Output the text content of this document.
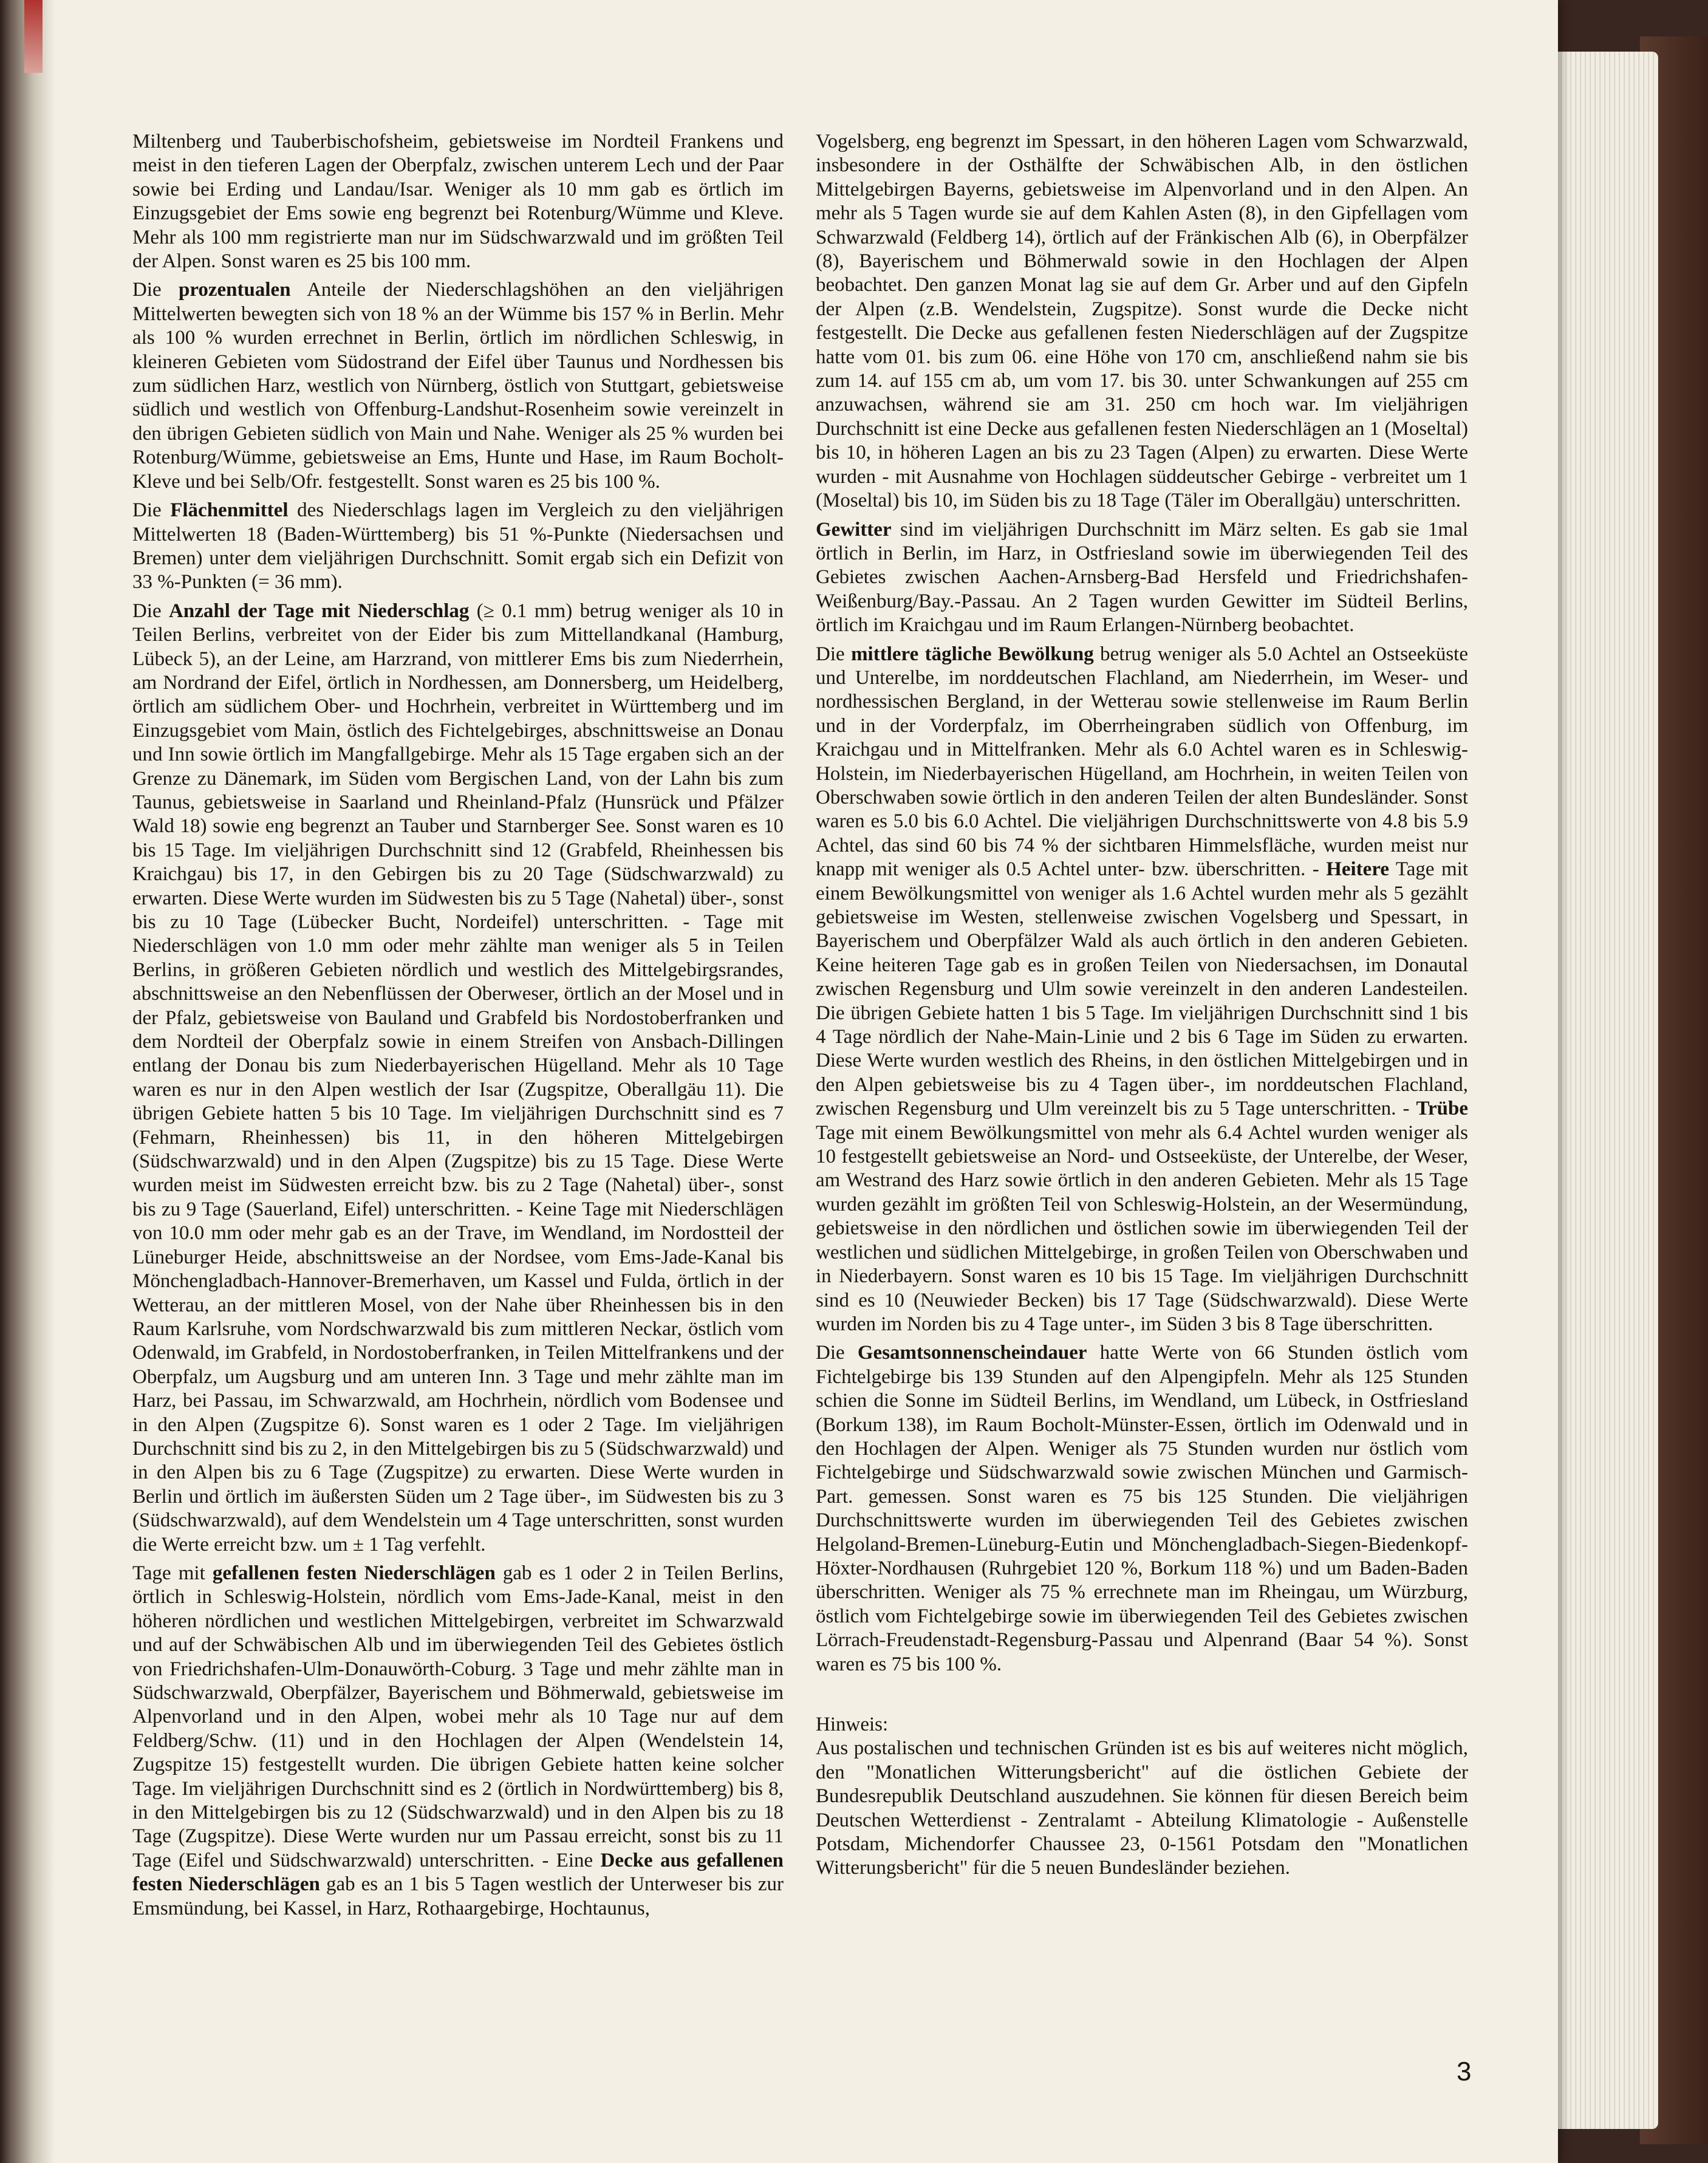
Miltenberg und Tauberbischofsheim, gebietsweise im Nordteil Frankens und meist in den tieferen Lagen der Oberpfalz, zwischen unterem Lech und der Paar sowie bei Erding und Landau/Isar. Weniger als 10 mm gab es örtlich im Einzugsgebiet der Ems sowie eng begrenzt bei Rotenburg/Wümme und Kleve. Mehr als 100 mm registrierte man nur im Südschwarzwald und im größten Teil der Alpen. Sonst waren es 25 bis 100 mm.

Die prozentualen Anteile der Niederschlagshöhen an den vieljährigen Mittelwerten bewegten sich von 18 % an der Wümme bis 157 % in Berlin. Mehr als 100 % wurden errechnet in Berlin, örtlich im nördlichen Schleswig, in kleineren Gebieten vom Südostrand der Eifel über Taunus und Nordhessen bis zum südlichen Harz, westlich von Nürnberg, östlich von Stuttgart, gebietsweise südlich und westlich von Offenburg-Landshut-Rosenheim sowie vereinzelt in den übrigen Gebieten südlich von Main und Nahe. Weniger als 25 % wurden bei Rotenburg/Wümme, gebietsweise an Ems, Hunte und Hase, im Raum Bocholt-Kleve und bei Selb/Ofr. festgestellt. Sonst waren es 25 bis 100 %.

Die Flächenmittel des Niederschlags lagen im Vergleich zu den vieljährigen Mittelwerten 18 (Baden-Württemberg) bis 51 %-Punkte (Niedersachsen und Bremen) unter dem vieljährigen Durchschnitt. Somit ergab sich ein Defizit von 33 %-Punkten (= 36 mm).

Die Anzahl der Tage mit Niederschlag (≥ 0.1 mm) betrug weniger als 10 in Teilen Berlins, verbreitet von der Eider bis zum Mittellandkanal (Hamburg, Lübeck 5), an der Leine, am Harzrand, von mittlerer Ems bis zum Niederrhein, am Nordrand der Eifel, örtlich in Nordhessen, am Donnersberg, um Heidelberg, örtlich am südlichem Ober- und Hochrhein, verbreitet in Württemberg und im Einzugsgebiet vom Main, östlich des Fichtelgebirges, abschnittsweise an Donau und Inn sowie örtlich im Mangfallgebirge. Mehr als 15 Tage ergaben sich an der Grenze zu Dänemark, im Süden vom Bergischen Land, von der Lahn bis zum Taunus, gebietsweise in Saarland und Rheinland-Pfalz (Hunsrück und Pfälzer Wald 18) sowie eng begrenzt an Tauber und Starnberger See. Sonst waren es 10 bis 15 Tage. Im vieljährigen Durchschnitt sind 12 (Grabfeld, Rheinhessen bis Kraichgau) bis 17, in den Gebirgen bis zu 20 Tage (Südschwarzwald) zu erwarten. Diese Werte wurden im Südwesten bis zu 5 Tage (Nahetal) über-, sonst bis zu 10 Tage (Lübecker Bucht, Nordeifel) unterschritten. - Tage mit Niederschlägen von 1.0 mm oder mehr zählte man weniger als 5 in Teilen Berlins, in größeren Gebieten nördlich und westlich des Mittelgebirgsrandes, abschnittsweise an den Nebenflüssen der Oberweser, örtlich an der Mosel und in der Pfalz, gebietsweise von Bauland und Grabfeld bis Nordostoberfranken und dem Nordteil der Oberpfalz sowie in einem Streifen von Ansbach-Dillingen entlang der Donau bis zum Niederbayerischen Hügelland. Mehr als 10 Tage waren es nur in den Alpen westlich der Isar (Zugspitze, Oberallgäu 11). Die übrigen Gebiete hatten 5 bis 10 Tage. Im vieljährigen Durchschnitt sind es 7 (Fehmarn, Rheinhessen) bis 11, in den höheren Mittelgebirgen (Südschwarzwald) und in den Alpen (Zugspitze) bis zu 15 Tage. Diese Werte wurden meist im Südwesten erreicht bzw. bis zu 2 Tage (Nahetal) über-, sonst bis zu 9 Tage (Sauerland, Eifel) unterschritten. - Keine Tage mit Niederschlägen von 10.0 mm oder mehr gab es an der Trave, im Wendland, im Nordostteil der Lüneburger Heide, abschnittsweise an der Nordsee, vom Ems-Jade-Kanal bis Mönchengladbach-Hannover-Bremerhaven, um Kassel und Fulda, örtlich in der Wetterau, an der mittleren Mosel, von der Nahe über Rheinhessen bis in den Raum Karlsruhe, vom Nordschwarzwald bis zum mittleren Neckar, östlich vom Odenwald, im Grabfeld, in Nordostoberfranken, in Teilen Mittelfrankens und der Oberpfalz, um Augsburg und am unteren Inn. 3 Tage und mehr zählte man im Harz, bei Passau, im Schwarzwald, am Hochrhein, nördlich vom Bodensee und in den Alpen (Zugspitze 6). Sonst waren es 1 oder 2 Tage. Im vieljährigen Durchschnitt sind bis zu 2, in den Mittelgebirgen bis zu 5 (Südschwarzwald) und in den Alpen bis zu 6 Tage (Zugspitze) zu erwarten. Diese Werte wurden in Berlin und örtlich im äußersten Süden um 2 Tage über-, im Südwesten bis zu 3 (Südschwarzwald), auf dem Wendelstein um 4 Tage unterschritten, sonst wurden die Werte erreicht bzw. um ± 1 Tag verfehlt.

Tage mit gefallenen festen Niederschlägen gab es 1 oder 2 in Teilen Berlins, örtlich in Schleswig-Holstein, nördlich vom Ems-Jade-Kanal, meist in den höheren nördlichen und westlichen Mittelgebirgen, verbreitet im Schwarzwald und auf der Schwäbischen Alb und im überwiegenden Teil des Gebietes östlich von Friedrichshafen-Ulm-Donauwörth-Coburg. 3 Tage und mehr zählte man in Südschwarzwald, Oberpfälzer, Bayerischem und Böhmerwald, gebietsweise im Alpenvorland und in den Alpen, wobei mehr als 10 Tage nur auf dem Feldberg/Schw. (11) und in den Hochlagen der Alpen (Wendelstein 14, Zugspitze 15) festgestellt wurden. Die übrigen Gebiete hatten keine solcher Tage. Im vieljährigen Durchschnitt sind es 2 (örtlich in Nordwürttemberg) bis 8, in den Mittelgebirgen bis zu 12 (Südschwarzwald) und in den Alpen bis zu 18 Tage (Zugspitze). Diese Werte wurden nur um Passau erreicht, sonst bis zu 11 Tage (Eifel und Südschwarzwald) unterschritten. - Eine Decke aus gefallenen festen Niederschlägen gab es an 1 bis 5 Tagen westlich der Unterweser bis zur Emsmündung, bei Kassel, in Harz, Rothaargebirge, Hochtaunus,

Vogelsberg, eng begrenzt im Spessart, in den höheren Lagen vom Schwarzwald, insbesondere in der Osthälfte der Schwäbischen Alb, in den östlichen Mittelgebirgen Bayerns, gebietsweise im Alpenvorland und in den Alpen. An mehr als 5 Tagen wurde sie auf dem Kahlen Asten (8), in den Gipfellagen vom Schwarzwald (Feldberg 14), örtlich auf der Fränkischen Alb (6), in Oberpfälzer (8), Bayerischem und Böhmerwald sowie in den Hochlagen der Alpen beobachtet. Den ganzen Monat lag sie auf dem Gr. Arber und auf den Gipfeln der Alpen (z.B. Wendelstein, Zugspitze). Sonst wurde die Decke nicht festgestellt. Die Decke aus gefallenen festen Niederschlägen auf der Zugspitze hatte vom 01. bis zum 06. eine Höhe von 170 cm, anschließend nahm sie bis zum 14. auf 155 cm ab, um vom 17. bis 30. unter Schwankungen auf 255 cm anzuwachsen, während sie am 31. 250 cm hoch war. Im vieljährigen Durchschnitt ist eine Decke aus gefallenen festen Niederschlägen an 1 (Moseltal) bis 10, in höheren Lagen an bis zu 23 Tagen (Alpen) zu erwarten. Diese Werte wurden - mit Ausnahme von Hochlagen süddeutscher Gebirge - verbreitet um 1 (Moseltal) bis 10, im Süden bis zu 18 Tage (Täler im Oberallgäu) unterschritten.

Gewitter sind im vieljährigen Durchschnitt im März selten. Es gab sie 1mal örtlich in Berlin, im Harz, in Ostfriesland sowie im überwiegenden Teil des Gebietes zwischen Aachen-Arnsberg-Bad Hersfeld und Friedrichshafen-Weißenburg/Bay.-Passau. An 2 Tagen wurden Gewitter im Südteil Berlins, örtlich im Kraichgau und im Raum Erlangen-Nürnberg beobachtet.

Die mittlere tägliche Bewölkung betrug weniger als 5.0 Achtel an Ostseeküste und Unterelbe, im norddeutschen Flachland, am Niederrhein, im Weser- und nordhessischen Bergland, in der Wetterau sowie stellenweise im Raum Berlin und in der Vorderpfalz, im Oberrheingraben südlich von Offenburg, im Kraichgau und in Mittelfranken. Mehr als 6.0 Achtel waren es in Schleswig-Holstein, im Niederbayerischen Hügelland, am Hochrhein, in weiten Teilen von Oberschwaben sowie örtlich in den anderen Teilen der alten Bundesländer. Sonst waren es 5.0 bis 6.0 Achtel. Die vieljährigen Durchschnittswerte von 4.8 bis 5.9 Achtel, das sind 60 bis 74 % der sichtbaren Himmelsfläche, wurden meist nur knapp mit weniger als 0.5 Achtel unter- bzw. überschritten. - Heitere Tage mit einem Bewölkungsmittel von weniger als 1.6 Achtel wurden mehr als 5 gezählt gebietsweise im Westen, stellenweise zwischen Vogelsberg und Spessart, in Bayerischem und Oberpfälzer Wald als auch örtlich in den anderen Gebieten. Keine heiteren Tage gab es in großen Teilen von Niedersachsen, im Donautal zwischen Regensburg und Ulm sowie vereinzelt in den anderen Landesteilen. Die übrigen Gebiete hatten 1 bis 5 Tage. Im vieljährigen Durchschnitt sind 1 bis 4 Tage nördlich der Nahe-Main-Linie und 2 bis 6 Tage im Süden zu erwarten. Diese Werte wurden westlich des Rheins, in den östlichen Mittelgebirgen und in den Alpen gebietsweise bis zu 4 Tagen über-, im norddeutschen Flachland, zwischen Regensburg und Ulm vereinzelt bis zu 5 Tage unterschritten. - Trübe Tage mit einem Bewölkungsmittel von mehr als 6.4 Achtel wurden weniger als 10 festgestellt gebietsweise an Nord- und Ostseeküste, der Unterelbe, der Weser, am Westrand des Harz sowie örtlich in den anderen Gebieten. Mehr als 15 Tage wurden gezählt im größten Teil von Schleswig-Holstein, an der Wesermündung, gebietsweise in den nördlichen und östlichen sowie im überwiegenden Teil der westlichen und südlichen Mittelgebirge, in großen Teilen von Oberschwaben und in Niederbayern. Sonst waren es 10 bis 15 Tage. Im vieljährigen Durchschnitt sind es 10 (Neuwieder Becken) bis 17 Tage (Südschwarzwald). Diese Werte wurden im Norden bis zu 4 Tage unter-, im Süden 3 bis 8 Tage überschritten.

Die Gesamtsonnenscheindauer hatte Werte von 66 Stunden östlich vom Fichtelgebirge bis 139 Stunden auf den Alpengipfeln. Mehr als 125 Stunden schien die Sonne im Südteil Berlins, im Wendland, um Lübeck, in Ostfriesland (Borkum 138), im Raum Bocholt-Münster-Essen, örtlich im Odenwald und in den Hochlagen der Alpen. Weniger als 75 Stunden wurden nur östlich vom Fichtelgebirge und Südschwarzwald sowie zwischen München und Garmisch-Part. gemessen. Sonst waren es 75 bis 125 Stunden. Die vieljährigen Durchschnittswerte wurden im überwiegenden Teil des Gebietes zwischen Helgoland-Bremen-Lüneburg-Eutin und Mönchengladbach-Siegen-Biedenkopf-Höxter-Nordhausen (Ruhrgebiet 120 %, Borkum 118 %) und um Baden-Baden überschritten. Weniger als 75 % errechnete man im Rheingau, um Würzburg, östlich vom Fichtelgebirge sowie im überwiegenden Teil des Gebietes zwischen Lörrach-Freudenstadt-Regensburg-Passau und Alpenrand (Baar 54 %). Sonst waren es 75 bis 100 %.

Hinweis:
Aus postalischen und technischen Gründen ist es bis auf weiteres nicht möglich, den "Monatlichen Witterungsbericht" auf die östlichen Gebiete der Bundesrepublik Deutschland auszudehnen. Sie können für diesen Bereich beim Deutschen Wetterdienst - Zentralamt - Abteilung Klimatologie - Außenstelle Potsdam, Michendorfer Chaussee 23, 0-1561 Potsdam den "Monatlichen Witterungsbericht" für die 5 neuen Bundesländer beziehen.

3
